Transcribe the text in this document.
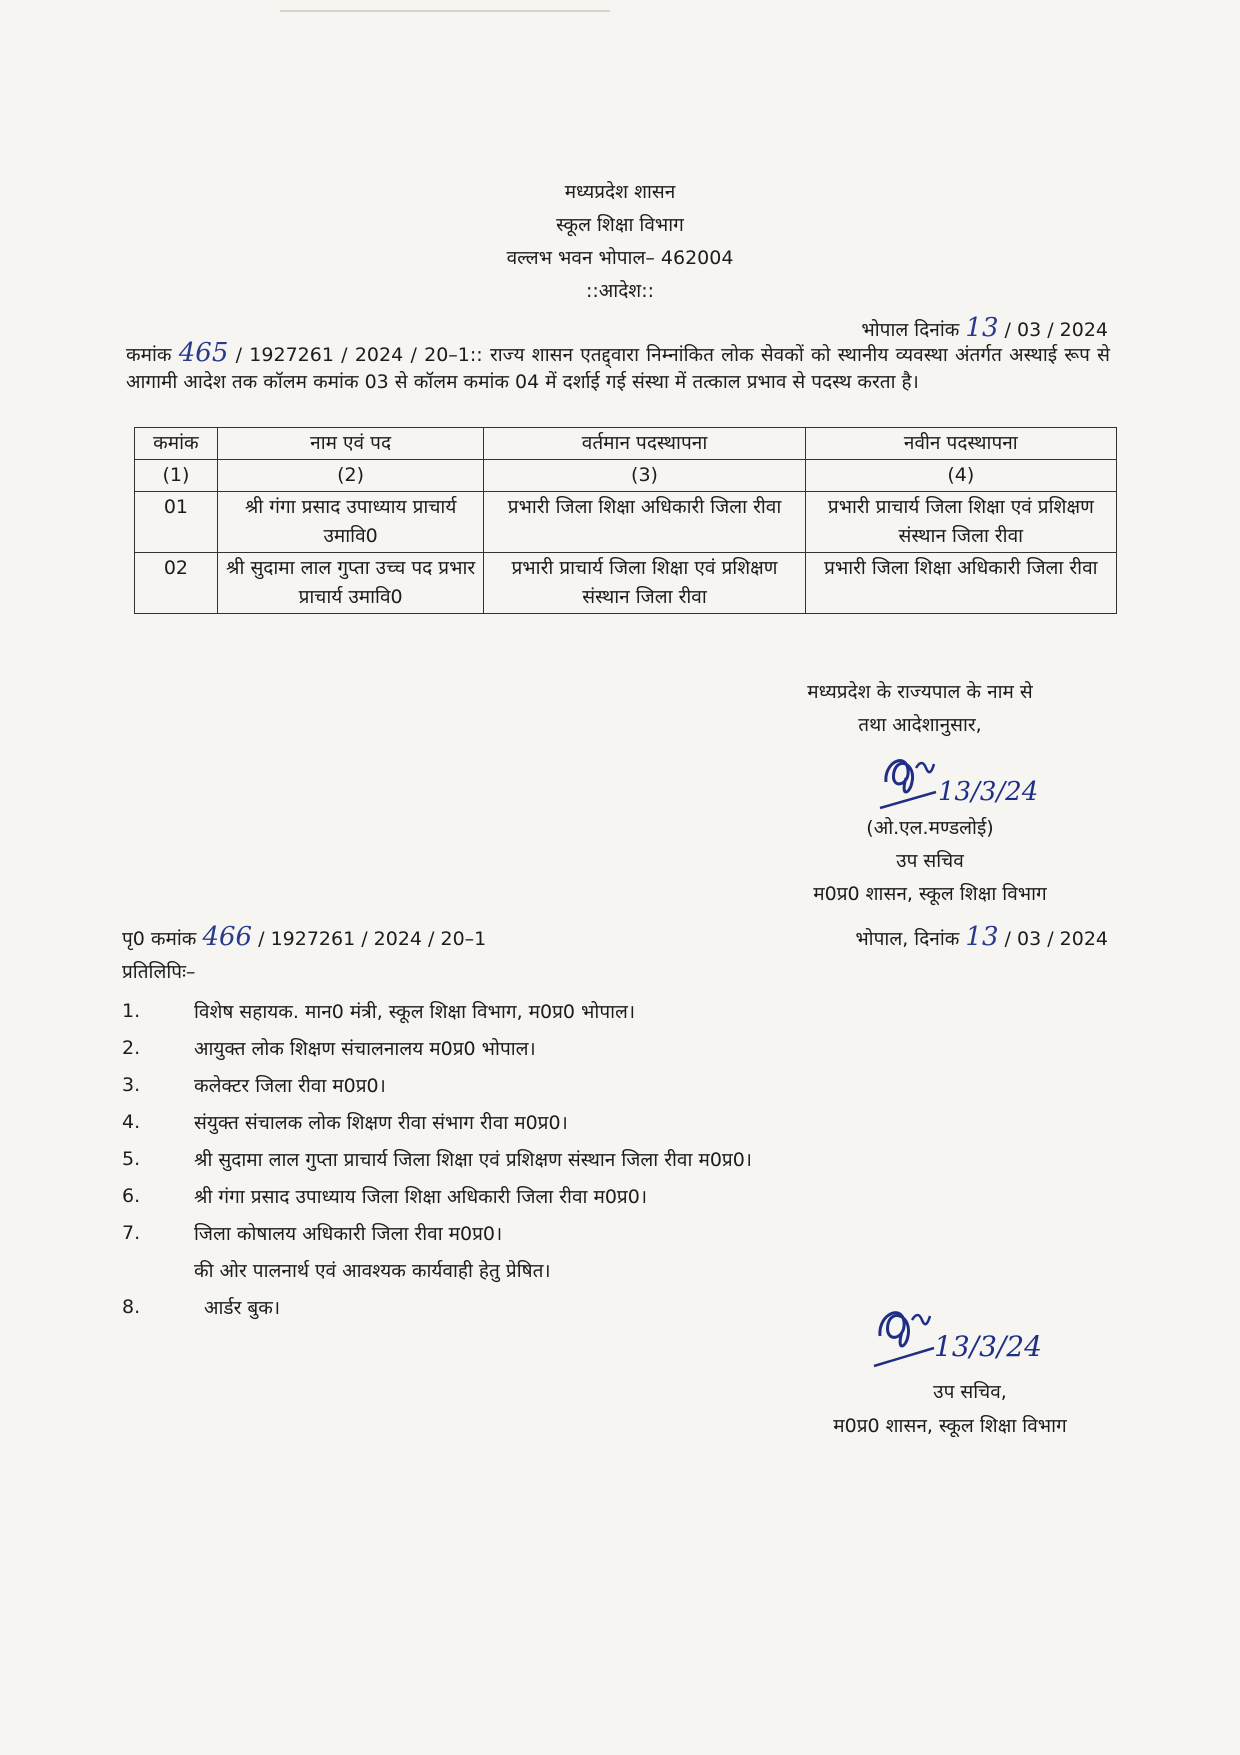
मध्यप्रदेश शासन
स्कूल शिक्षा विभाग
वल्लभ भवन भोपाल– 462004
::आदेश::
भोपाल दिनांक 13 / 03 / 2024
कमांक 465 / 1927261 / 2024 / 20–1:: राज्य शासन एतद्द्वारा निम्नांकित लोक सेवकों को स्थानीय व्यवस्था अंतर्गत अस्थाई रूप से आगामी आदेश तक कॉलम कमांक 03 से कॉलम कमांक 04 में दर्शाई गई संस्था में तत्काल प्रभाव से पदस्थ करता है।
कमांक	नाम एवं पद	वर्तमान पदस्थापना	नवीन पदस्थापना
(1)	(2)	(3)	(4)
01	श्री गंगा प्रसाद उपाध्याय प्राचार्य उमावि0	प्रभारी जिला शिक्षा अधिकारी जिला रीवा	प्रभारी प्राचार्य जिला शिक्षा एवं प्रशिक्षण संस्थान जिला रीवा
02	श्री सुदामा लाल गुप्ता उच्च पद प्रभार प्राचार्य उमावि0	प्रभारी प्राचार्य जिला शिक्षा एवं प्रशिक्षण संस्थान जिला रीवा	प्रभारी जिला शिक्षा अधिकारी जिला रीवा
मध्यप्रदेश के राज्यपाल के नाम से
तथा आदेशानुसार,
13/3/24
(ओ.एल.मण्डलोई)
उप सचिव
म0प्र0 शासन, स्कूल शिक्षा विभाग
पृ0 कमांक 466 / 1927261 / 2024 / 20–1	भोपाल, दिनांक 13 / 03 / 2024
प्रतिलिपिः–
1.	विशेष सहायक. मान0 मंत्री, स्कूल शिक्षा विभाग, म0प्र0 भोपाल।
2.	आयुक्त लोक शिक्षण संचालनालय म0प्र0 भोपाल।
3.	कलेक्टर जिला रीवा म0प्र0।
4.	संयुक्त संचालक लोक शिक्षण रीवा संभाग रीवा म0प्र0।
5.	श्री सुदामा लाल गुप्ता प्राचार्य जिला शिक्षा एवं प्रशिक्षण संस्थान जिला रीवा म0प्र0।
6.	श्री गंगा प्रसाद उपाध्याय जिला शिक्षा अधिकारी जिला रीवा म0प्र0।
7.	जिला कोषालय अधिकारी जिला रीवा म0प्र0।
की ओर पालनार्थ एवं आवश्यक कार्यवाही हेतु प्रेषित।
8.	आर्डर बुक।
13/3/24
उप सचिव,
म0प्र0 शासन, स्कूल शिक्षा विभाग
